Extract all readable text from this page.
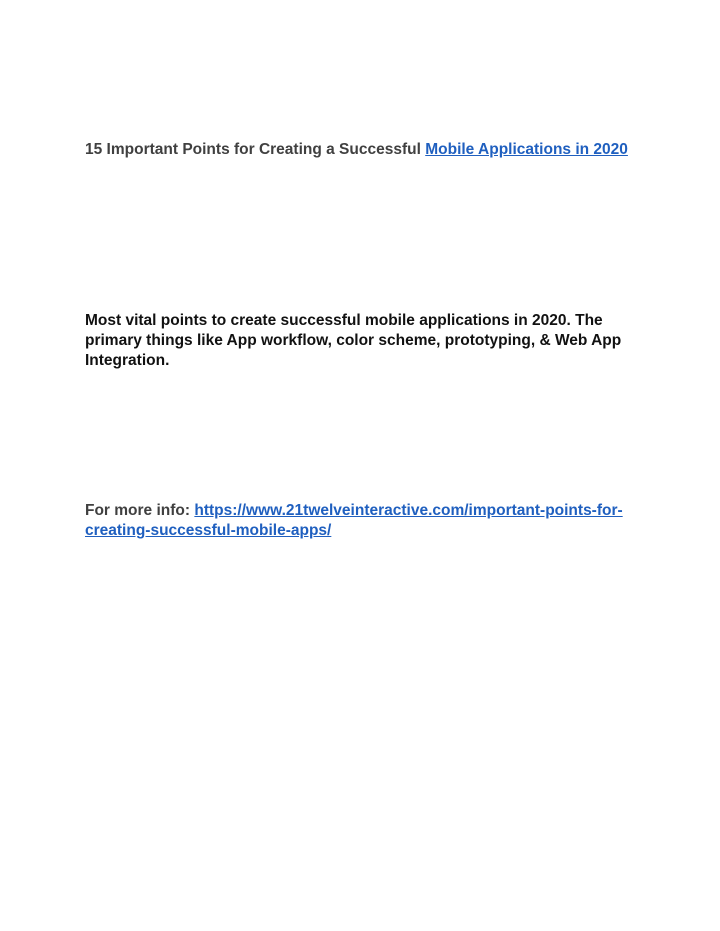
15 Important Points for Creating a Successful Mobile Applications in 2020
Most vital points to create successful mobile applications in 2020. The primary things like App workflow, color scheme, prototyping, & Web App Integration.
For more info: https://www.21twelveinteractive.com/important-points-for-creating-successful-mobile-apps/
